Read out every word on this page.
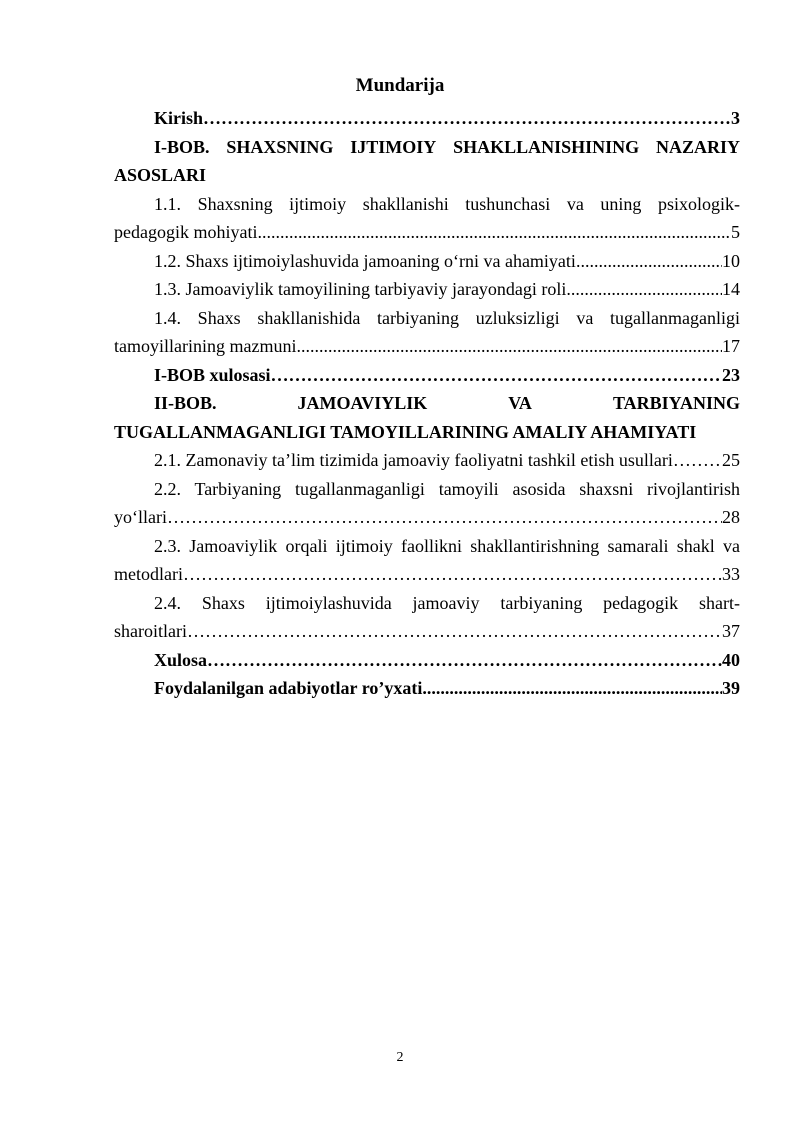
Mundarija
Kirish ……………………………………………………………………………………………………………………………………	3
I-BOB. SHAXSNING IJTIMOIY SHAKLLANISHINING NAZARIY
ASOSLARI
1.1. Shaxsning ijtimoiy shakllanishi tushunchasi va uning psixologik-
pedagogik mohiyati .....	5
1.2. Shaxs ijtimoiylashuvida jamoaning o‘rni va ahamiyati .....	10
1.3. Jamoaviylik tamoyilining tarbiyaviy jarayondagi roli .....	14
1.4. Shaxs shakllanishida tarbiyaning uzluksizligi va tugallanmaganligi
tamoyillarining mazmuni .....	17
I-BOB xulosasi ……………………………………………………………………………………………………………………………………	23
II-BOB.	JAMOAVIYLIK	VA	TARBIYANING
TUGALLANMAGANLIGI TAMOYILLARINING AMALIY AHAMIYATI
2.1. Zamonaviy ta’lim tizimida jamoaviy faoliyatni tashkil etish usullari ……………………………………………………………………………………………………………………………………	25
2.2. Tarbiyaning tugallanmaganligi tamoyili asosida shaxsni rivojlantirish
yo‘llari ……………………………………………………………………………………………………………………………………	28
2.3. Jamoaviylik orqali ijtimoiy faollikni shakllantirishning samarali shakl va
metodlari ……………………………………………………………………………………………………………………………………	33
2.4. Shaxs ijtimoiylashuvida jamoaviy tarbiyaning pedagogik shart-
sharoitlari ……………………………………………………………………………………………………………………………………	37
Xulosa ……………………………………………………………………………………………………………………………………	40
Foydalanilgan adabiyotlar ro’yxati .....	39
2
